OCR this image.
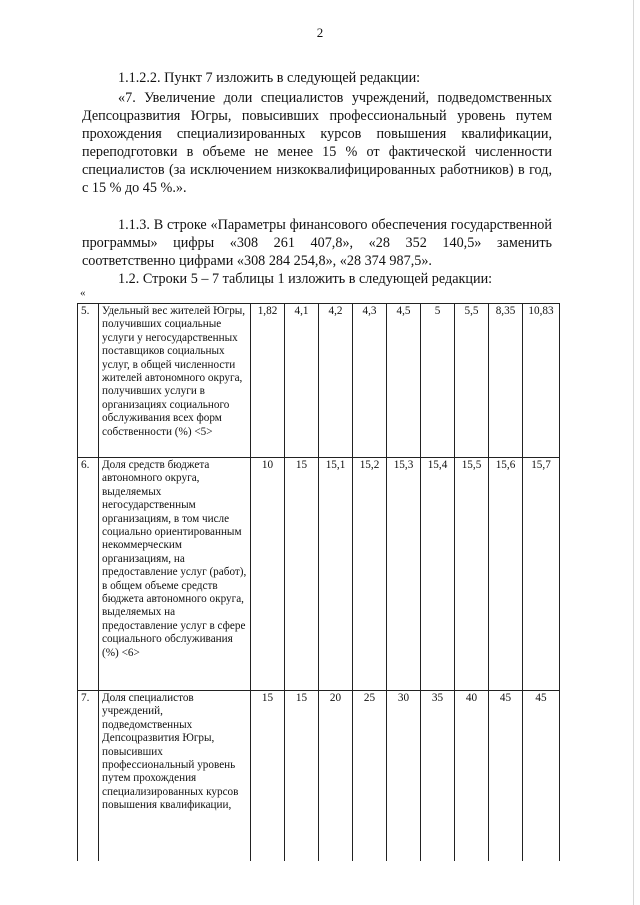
2

1.1.2.2. Пункт 7 изложить в следующей редакции:

«7. Увеличение доли специалистов учреждений, подведомственных Депсоцразвития Югры, повысивших профессиональный уровень путем прохождения специализированных курсов повышения квалификации, переподготовки в объеме не менее 15 % от фактической численности специалистов (за исключением низкоквалифицированных работников) в год, с 15 % до 45 %.».

1.1.3. В строке «Параметры финансового обеспечения государственной программы» цифры «308 261 407,8», «28 352 140,5» заменить соответственно цифрами «308 284 254,8», «28 374 987,5».

1.2. Строки 5 – 7 таблицы 1 изложить в следующей редакции:

«
5.	Удельный вес жителей Югры, получивших социальные услуги у негосударственных поставщиков социальных услуг, в общей численности жителей автономного округа, получивших услуги в организациях социального обслуживания всех форм собственности (%) <5>	1,82	4,1	4,2	4,3	4,5	5	5,5	8,35	10,83
6.	Доля средств бюджета автономного округа, выделяемых негосударственным организациям, в том числе социально ориентированным некоммерческим организациям, на предоставление услуг (работ), в общем объеме средств бюджета автономного округа, выделяемых на предоставление услуг в сфере социального обслуживания (%) <6>	10	15	15,1	15,2	15,3	15,4	15,5	15,6	15,7
7.	Доля специалистов учреждений, подведомственных Депсоцразвития Югры, повысивших профессиональный уровень путем прохождения специализированных курсов повышения квалификации,	15	15	20	25	30	35	40	45	45
